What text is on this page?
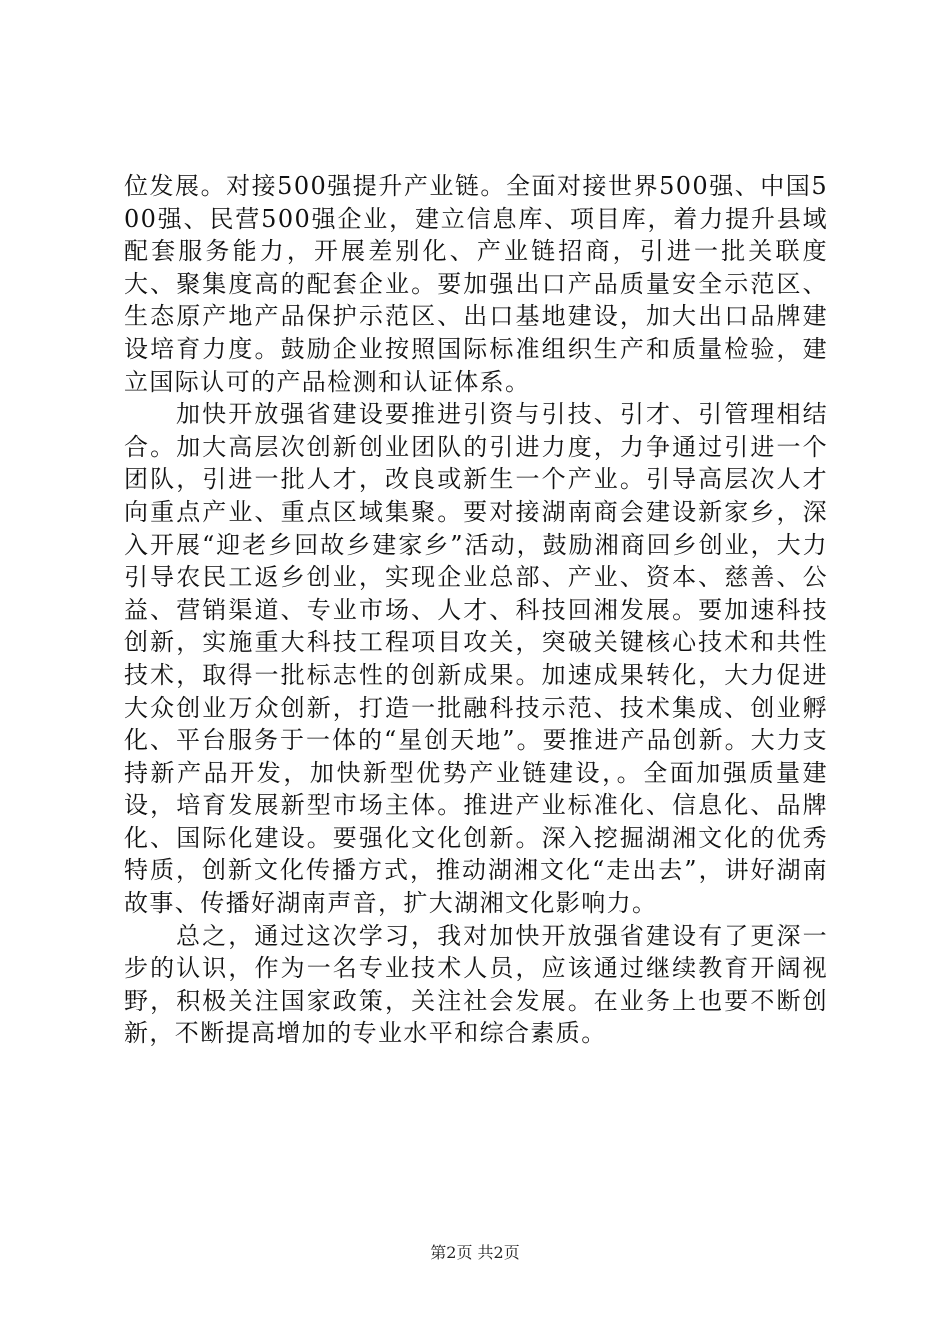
位发展。对接500强提升产业链。全面对接世界500强、中国500强、民营500强企业，建立信息库、项目库，着力提升县域配套服务能力，开展差别化、产业链招商，引进一批关联度大、聚集度高的配套企业。要加强出口产品质量安全示范区、生态原产地产品保护示范区、出口基地建设，加大出口品牌建设培育力度。鼓励企业按照国际标准组织生产和质量检验，建立国际认可的产品检测和认证体系。

加快开放强省建设要推进引资与引技、引才、引管理相结合。加大高层次创新创业团队的引进力度，力争通过引进一个团队，引进一批人才，改良或新生一个产业。引导高层次人才向重点产业、重点区域集聚。要对接湖南商会建设新家乡，深入开展“迎老乡回故乡建家乡”活动，鼓励湘商回乡创业，大力引导农民工返乡创业，实现企业总部、产业、资本、慈善、公益、营销渠道、专业市场、人才、科技回湘发展。要加速科技创新，实施重大科技工程项目攻关，突破关键核心技术和共性技术，取得一批标志性的创新成果。加速成果转化，大力促进大众创业万众创新，打造一批融科技示范、技术集成、创业孵化、平台服务于一体的“星创天地”。要推进产品创新。大力支持新产品开发，加快新型优势产业链建设，。全面加强质量建设，培育发展新型市场主体。推进产业标准化、信息化、品牌化、国际化建设。要强化文化创新。深入挖掘湖湘文化的优秀特质，创新文化传播方式，推动湖湘文化“走出去”，讲好湖南故事、传播好湖南声音，扩大湖湘文化影响力。

总之，通过这次学习，我对加快开放强省建设有了更深一步的认识，作为一名专业技术人员，应该通过继续教育开阔视野，积极关注国家政策，关注社会发展。在业务上也要不断创新，不断提高增加的专业水平和综合素质。

第2页 共2页
